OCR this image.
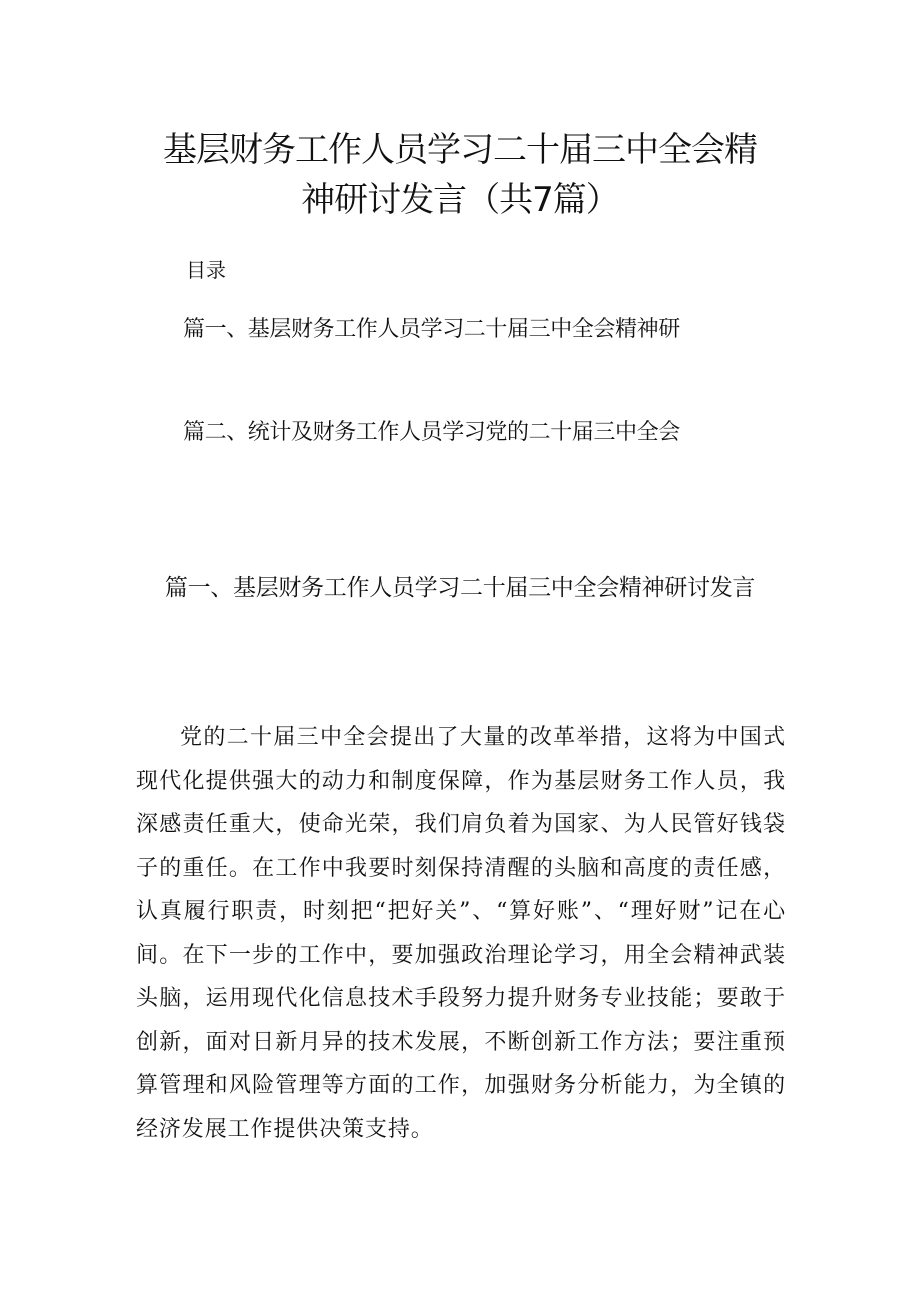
基层财务工作人员学习二十届三中全会精神研讨发言（共7篇）
目录
篇一、基层财务工作人员学习二十届三中全会精神研
篇二、统计及财务工作人员学习党的二十届三中全会
篇一、基层财务工作人员学习二十届三中全会精神研讨发言

党的二十届三中全会提出了大量的改革举措，这将为中国式现代化提供强大的动力和制度保障，作为基层财务工作人员，我深感责任重大，使命光荣，我们肩负着为国家、为人民管好钱袋子的重任。在工作中我要时刻保持清醒的头脑和高度的责任感，认真履行职责，时刻把“把好关”、“算好账”、“理好财”记在心间。在下一步的工作中，要加强政治理论学习，用全会精神武装头脑，运用现代化信息技术手段努力提升财务专业技能；要敢于创新，面对日新月异的技术发展，不断创新工作方法；要注重预算管理和风险管理等方面的工作，加强财务分析能力，为全镇的经济发展工作提供决策支持。
